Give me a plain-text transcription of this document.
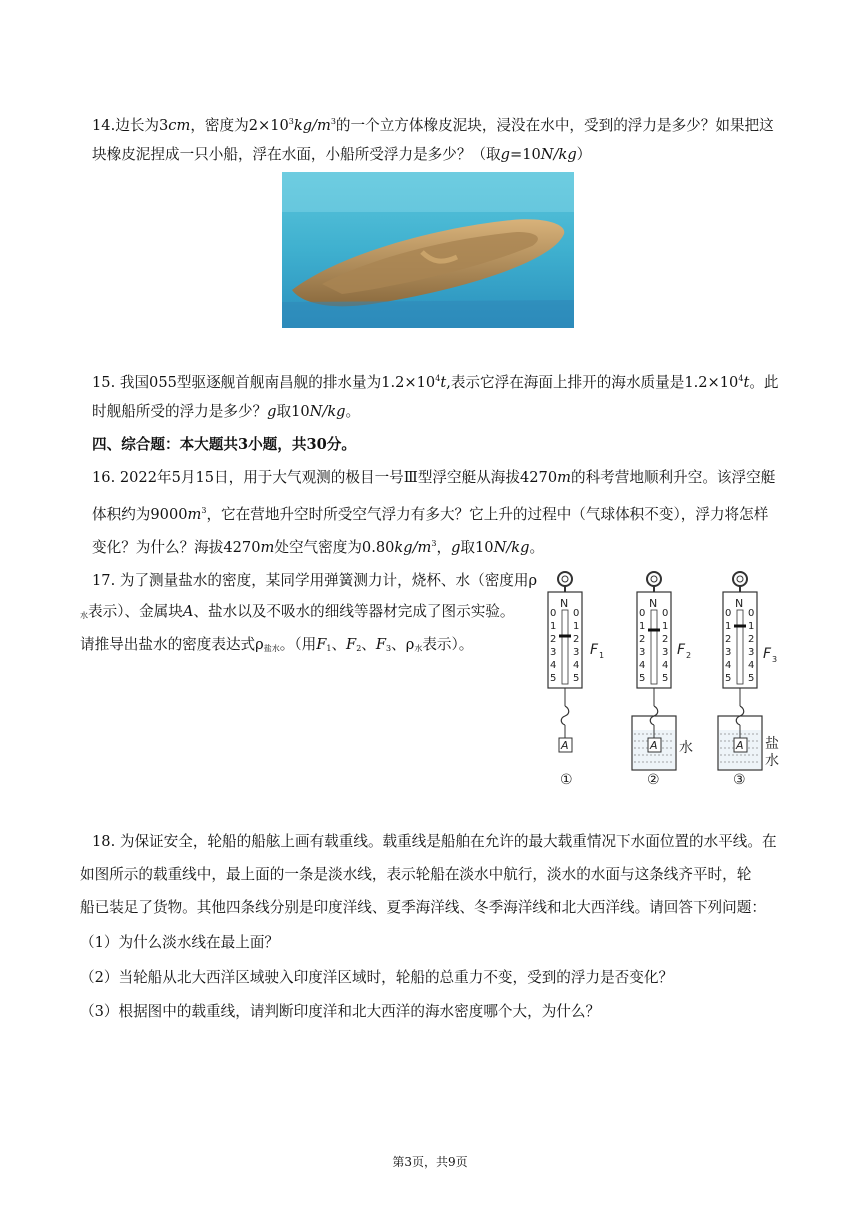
14.边长为3cm，密度为$2\times 10^3kg/m^3$的一个立方体橡皮泥块，浸没在水中，受到的浮力是多少？如果把这
块橡皮泥捏成一只小船，浮在水面，小船所受浮力是多少？（取g=10N/kg）
15. 我国055型驱逐舰首舰南昌舰的排水量为$1.2\times 10^4t$,表示它浮在海面上排开的海水质量是$1.2\times 10^4t$。此
时舰船所受的浮力是多少？g取10N/kg。
四、综合题：本大题共3小题，共30分。
16. 2022年5月15日，用于大气观测的极目一号Ⅲ型浮空艇从海拔4270m的科考营地顺利升空。该浮空艇
体积约为$9000m^3$，它在营地升空时所受空气浮力有多大？它上升的过程中（气球体积不变），浮力将怎样
变化？为什么？海拔4270m处空气密度为$0.80kg/m^3$，g取10N/kg。
17. 为了测量盐水的密度，某同学用弹簧测力计，烧杯、水（密度用ρ
$_水$表示）、金属块A、盐水以及不吸水的细线等器材完成了图示实验。
请推导出盐水的密度表达式$\rho_{盐水}$。（用$F_1$、$F_2$、$F_3$、$\rho_水$表示）。
N
0 0
1 1
2 2
3 3
4 4
5 5
F 1
A
①
N
0 0
1 1
2 2
3 3
4 4
5 5
F 2
A 水
②
N
0 0
1 1
2 2
3 3
4 4
5 5
F 3
A 盐
水
③
18. 为保证安全，轮船的船舷上画有载重线。载重线是船舶在允许的最大载重情况下水面位置的水平线。在
如图所示的载重线中，最上面的一条是淡水线，表示轮船在淡水中航行，淡水的水面与这条线齐平时，轮
船已装足了货物。其他四条线分别是印度洋线、夏季海洋线、冬季海洋线和北大西洋线。请回答下列问题：
（1）为什么淡水线在最上面？
（2）当轮船从北大西洋区域驶入印度洋区域时，轮船的总重力不变，受到的浮力是否变化？
（3）根据图中的载重线，请判断印度洋和北大西洋的海水密度哪个大，为什么？
第3页，共9页
